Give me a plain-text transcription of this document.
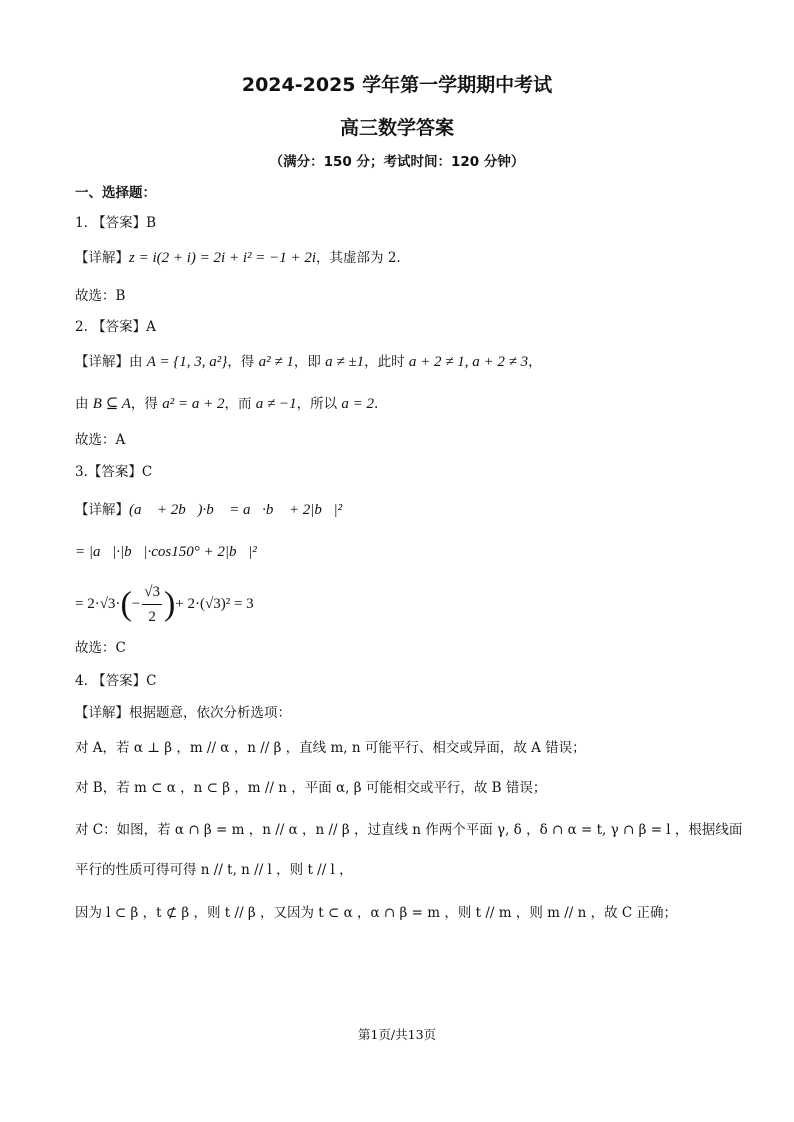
2024-2025 学年第一学期期中考试
高三数学答案
（满分：150 分；考试时间：120 分钟）
一、选择题：
1. 【答案】B
【详解】z = i(2 + i) = 2i + i² = −1 + 2i，其虚部为 2.
故选：B
2. 【答案】A
【详解】由 A = {1, 3, a²}，得 a² ≠ 1，即 a ≠ ±1，此时 a + 2 ≠ 1, a + 2 ≠ 3，
由 B ⊆ A，得 a² = a + 2，而 a ≠ −1，所以 a = 2.
故选：A
3.【答案】C
【详解】(a⃗ + 2b⃗)·b⃗ = a⃗·b⃗ + 2|b⃗|²
= |a⃗|·|b⃗|·cos150° + 2|b⃗|²
= $2\cdot√3\cdot(- \frac{√3}{2}$ )+ 2·(√3)² = 3
故选：C
4. 【答案】C
【详解】根据题意，依次分析选项：
对 A，若 α ⊥ β ，m // α ，n // β ，直线 m, n 可能平行、相交或异面，故 A 错误；
对 B，若 m ⊂ α ，n ⊂ β ，m // n ，平面 α, β 可能相交或平行，故 B 错误；
对 C：如图，若 α ∩ β = m ，n // α ，n // β ，过直线 n 作两个平面 γ, δ ，δ ∩ α = t, γ ∩ β = l ，根据线面
平行的性质可得可得 n // t, n // l ，则 t // l ，
因为 l ⊂ β ，t ⊄ β ，则 t // β ，又因为 t ⊂ α ，α ∩ β = m ，则 t // m ，则 m // n ，故 C 正确；
第1页/共13页
